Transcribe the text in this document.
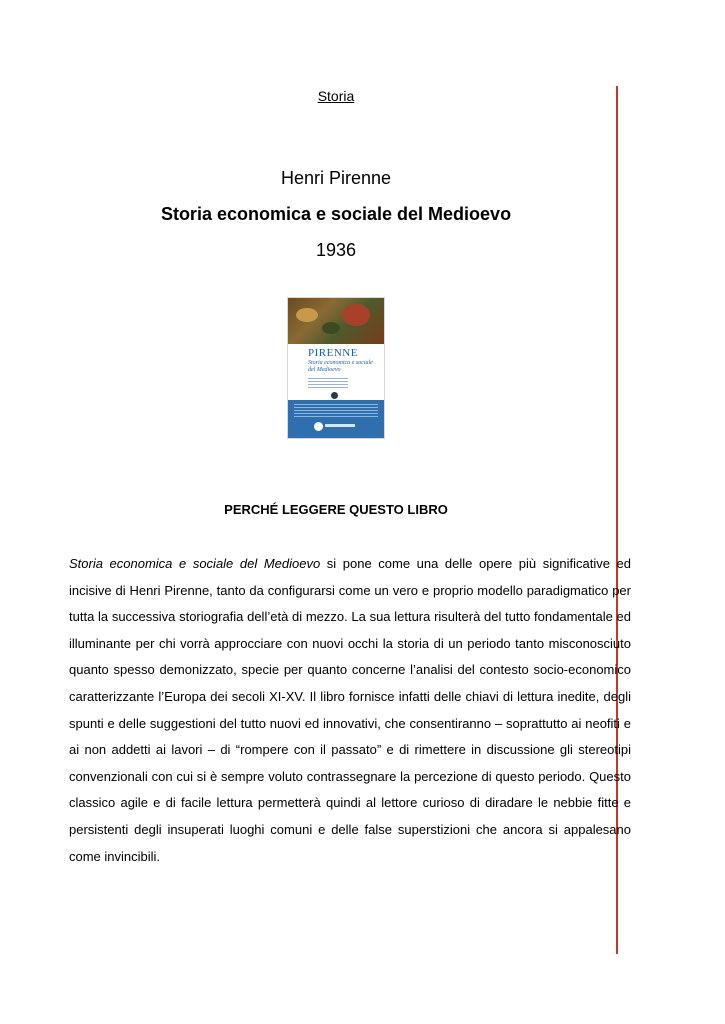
Storia
Henri Pirenne
Storia economica e sociale del Medioevo
1936
PIRENNE
Storia economica e sociale del Medioevo
PERCHÉ LEGGERE QUESTO LIBRO
Storia economica e sociale del Medioevo si pone come una delle opere più significative ed incisive di Henri Pirenne, tanto da configurarsi come un vero e proprio modello paradigmatico per tutta la successiva storiografia dell’età di mezzo. La sua lettura risulterà del tutto fondamentale ed illuminante per chi vorrà approcciare con nuovi occhi la storia di un periodo tanto misconosciuto quanto spesso demonizzato, specie per quanto concerne l’analisi del contesto socio-economico caratterizzante l’Europa dei secoli XI-XV. Il libro fornisce infatti delle chiavi di lettura inedite, degli spunti e delle suggestioni del tutto nuovi ed innovativi, che consentiranno – soprattutto ai neofiti e ai non addetti ai lavori – di “rompere con il passato” e di rimettere in discussione gli stereotipi convenzionali con cui si è sempre voluto contrassegnare la percezione di questo periodo. Questo classico agile e di facile lettura permetterà quindi al lettore curioso di diradare le nebbie fitte e persistenti degli insuperati luoghi comuni e delle false superstizioni che ancora si appalesano come invincibili.
